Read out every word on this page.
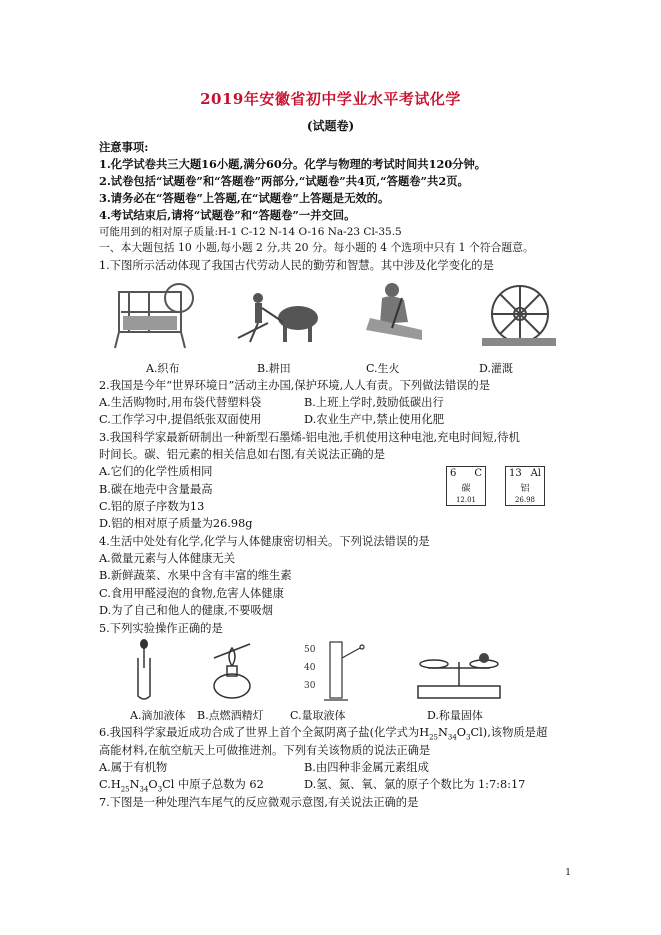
2019年安徽省初中学业水平考试化学
(试题卷)
注意事项:
1.化学试卷共三大题16小题,满分60分。化学与物理的考试时间共120分钟。
2.试卷包括“试题卷”和“答题卷”两部分,“试题卷”共4页,“答题卷”共2页。
3.请务必在“答题卷”上答题,在“试题卷”上答题是无效的。
4.考试结束后,请将“试题卷”和“答题卷”一并交回。
可能用到的相对原子质量:H-1 C-12 N-14 O-16 Na-23 Cl-35.5
一、本大题包括 10 小题,每小题 2 分,共 20 分。每小题的 4 个选项中只有 1 个符合题意。
1.下图所示活动体现了我国古代劳动人民的勤劳和智慧。其中涉及化学变化的是
A.织布	B.耕田	C.生火	D.灌溉
2.我国是今年“世界环境日”活动主办国,保护环境,人人有责。下列做法错误的是
A.生活购物时,用布袋代替塑料袋	B.上班上学时,鼓励低碳出行
C.工作学习中,提倡纸张双面使用	D.农业生产中,禁止使用化肥
3.我国科学家最新研制出一种新型石墨烯-铝电池,手机使用这种电池,充电时间短,待机
时间长。碳、铝元素的相关信息如右图,有关说法正确的是
A.它们的化学性质相同
B.碳在地壳中含量最高
C.铝的原子序数为13
D.铝的相对原子质量为26.98g
6 C
碳
12.01
13 Al
铝
26.98
4.生活中处处有化学,化学与人体健康密切相关。下列说法错误的是
A.微量元素与人体健康无关
B.新鲜蔬菜、水果中含有丰富的维生素
C.食用甲醛浸泡的食物,危害人体健康
D.为了自己和他人的健康,不要吸烟
5.下列实验操作正确的是
50
40
30
A.滴加液体 B.点燃酒精灯 C.量取液体	D.称量固体
6.我国科学家最近成功合成了世界上首个全氮阴离子盐(化学式为$H_{25}N_{34}O_3Cl$),该物质是超
高能材料,在航空航天上可做推进剂。下列有关该物质的说法正确是
A.属于有机物	B.由四种非金属元素组成
$C.H_{25}N_{34}O_3Cl$ 中原子总数为 62	D.氢、氮、氧、氯的原子个数比为 1:7:8:17
7.下图是一种处理汽车尾气的反应微观示意图,有关说法正确的是
1
